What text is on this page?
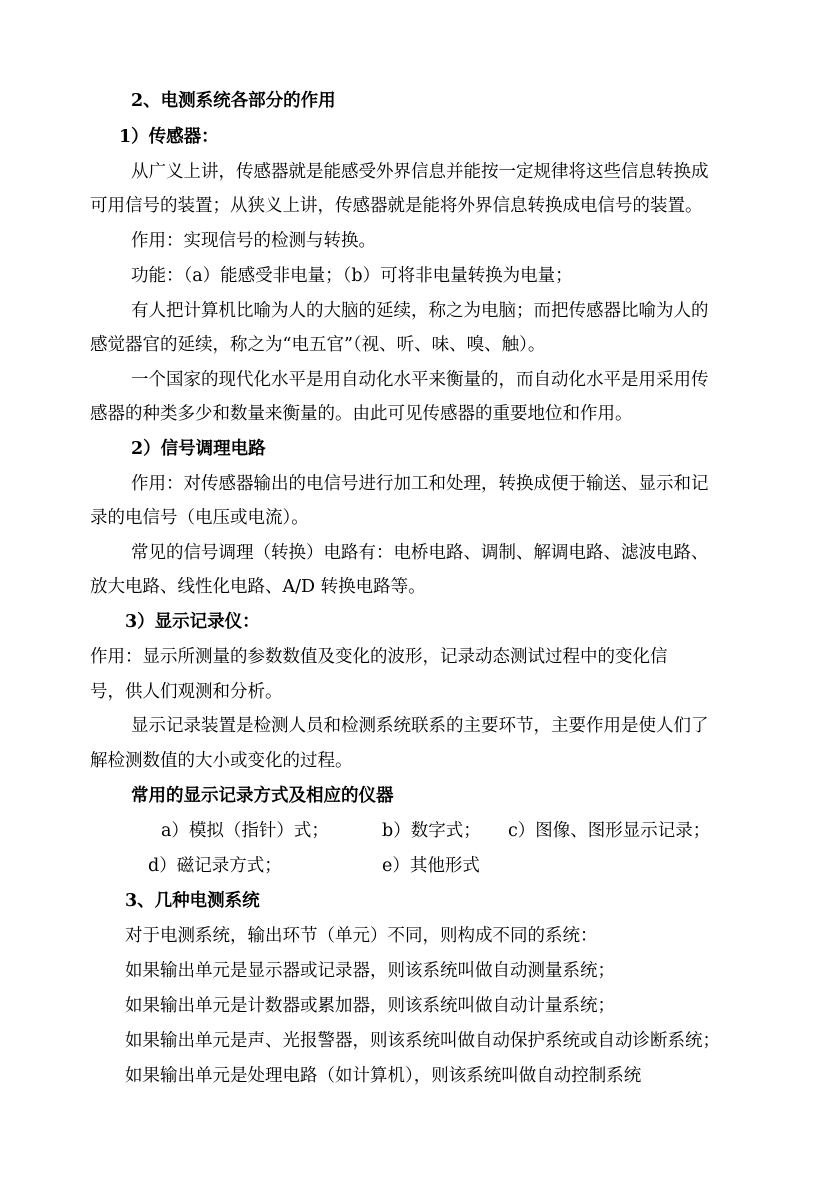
2、电测系统各部分的作用
1）传感器：
从广义上讲，传感器就是能感受外界信息并能按一定规律将这些信息转换成
可用信号的装置；从狭义上讲，传感器就是能将外界信息转换成电信号的装置。
作用：实现信号的检测与转换。
功能：（a）能感受非电量；（b）可将非电量转换为电量；
有人把计算机比喻为人的大脑的延续，称之为电脑；而把传感器比喻为人的
感觉器官的延续，称之为“电五官”（视、听、味、嗅、触）。
一个国家的现代化水平是用自动化水平来衡量的，而自动化水平是用采用传
感器的种类多少和数量来衡量的。由此可见传感器的重要地位和作用。
2）信号调理电路
作用：对传感器输出的电信号进行加工和处理，转换成便于输送、显示和记
录的电信号（电压或电流）。
常见的信号调理（转换）电路有：电桥电路、调制、解调电路、滤波电路、
放大电路、线性化电路、A/D 转换电路等。
3）显示记录仪：
作用：显示所测量的参数数值及变化的波形，记录动态测试过程中的变化信
号，供人们观测和分析。
显示记录装置是检测人员和检测系统联系的主要环节，主要作用是使人们了
解检测数值的大小或变化的过程。
常用的显示记录方式及相应的仪器
a）模拟（指针）式；	b）数字式； c）图像、图形显示记录；
d）磁记录方式；	e）其他形式
3、几种电测系统
对于电测系统，输出环节（单元）不同，则构成不同的系统：
如果输出单元是显示器或记录器，则该系统叫做自动测量系统；
如果输出单元是计数器或累加器，则该系统叫做自动计量系统；
如果输出单元是声、光报警器，则该系统叫做自动保护系统或自动诊断系统；
如果输出单元是处理电路（如计算机），则该系统叫做自动控制系统
